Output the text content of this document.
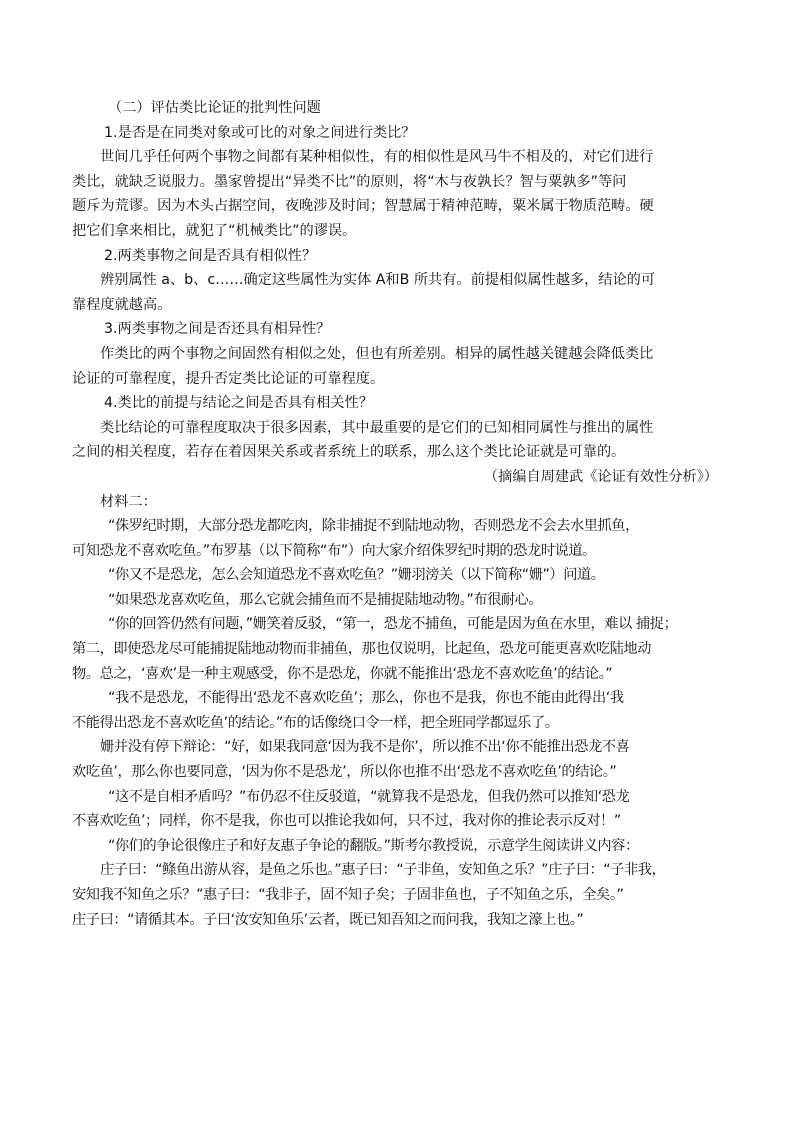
（二）评估类比论证的批判性问题

1.是否是在同类对象或可比的对象之间进行类比？

世间几乎任何两个事物之间都有某种相似性，有的相似性是风马牛不相及的，对它们进行

类比，就缺乏说服力。墨家曾提出“异类不比”的原则，将“木与夜孰长？智与粟孰多”等问

题斥为荒谬。因为木头占据空间，夜晚涉及时间；智慧属于精神范畴，粟米属于物质范畴。硬

把它们拿来相比，就犯了“机械类比”的谬误。

2.两类事物之间是否具有相似性？

辨别属性 a、b、c……确定这些属性为实体 A和B 所共有。前提相似属性越多，结论的可

靠程度就越高。

3.两类事物之间是否还具有相异性？

作类比的两个事物之间固然有相似之处，但也有所差别。相异的属性越关键越会降低类比

论证的可靠程度，提升否定类比论证的可靠程度。

4.类比的前提与结论之间是否具有相关性？

类比结论的可靠程度取决于很多因素，其中最重要的是它们的已知相同属性与推出的属性

之间的相关程度，若存在着因果关系或者系统上的联系，那么这个类比论证就是可靠的。

（摘编自周建武《论证有效性分析》）

材料二：

“侏罗纪时期，大部分恐龙都吃肉，除非捕捉不到陆地动物，否则恐龙不会去水里抓鱼，

可知恐龙不喜欢吃鱼。”布罗基（以下简称“布”）向大家介绍侏罗纪时期的恐龙时说道。

“你又不是恐龙，怎么会知道恐龙不喜欢吃鱼？”姗羽滂关（以下简称“姗”）问道。

“如果恐龙喜欢吃鱼，那么它就会捕鱼而不是捕捉陆地动物。”布很耐心。

“你的回答仍然有问题，”姗笑着反驳，“第一，恐龙不捕鱼，可能是因为鱼在水里，难以 捕捉；

第二，即使恐龙尽可能捕捉陆地动物而非捕鱼，那也仅说明，比起鱼，恐龙可能更喜欢吃陆地动

物。总之，‘喜欢’是一种主观感受，你不是恐龙，你就不能推出‘恐龙不喜欢吃鱼’的结论。”

“我不是恐龙，不能得出‘恐龙不喜欢吃鱼’；那么，你也不是我，你也不能由此得出‘我

不能得出恐龙不喜欢吃鱼’的结论。”布的话像绕口令一样，把全班同学都逗乐了。

姗并没有停下辩论：“好，如果我同意‘因为我不是你’，所以推不出‘你不能推出恐龙不喜

欢吃鱼’，那么你也要同意，‘因为你不是恐龙’，所以你也推不出‘恐龙不喜欢吃鱼’的结论。”

“这不是自相矛盾吗？”布仍忍不住反驳道，“就算我不是恐龙，但我仍然可以推知‘恐龙

不喜欢吃鱼’；同样，你不是我，你也可以推论我如何，只不过，我对你的推论表示反对！”

“你们的争论很像庄子和好友惠子争论的翻版。”斯考尔教授说，示意学生阅读讲义内容：

庄子曰：“鲦鱼出游从容，是鱼之乐也。”惠子曰：“子非鱼，安知鱼之乐？”庄子曰：“子非我，

安知我不知鱼之乐？”惠子曰：“我非子，固不知子矣；子固非鱼也，子不知鱼之乐，全矣。”

庄子曰：“请循其本。子曰‘汝安知鱼乐’云者，既已知吾知之而问我，我知之濠上也。”
